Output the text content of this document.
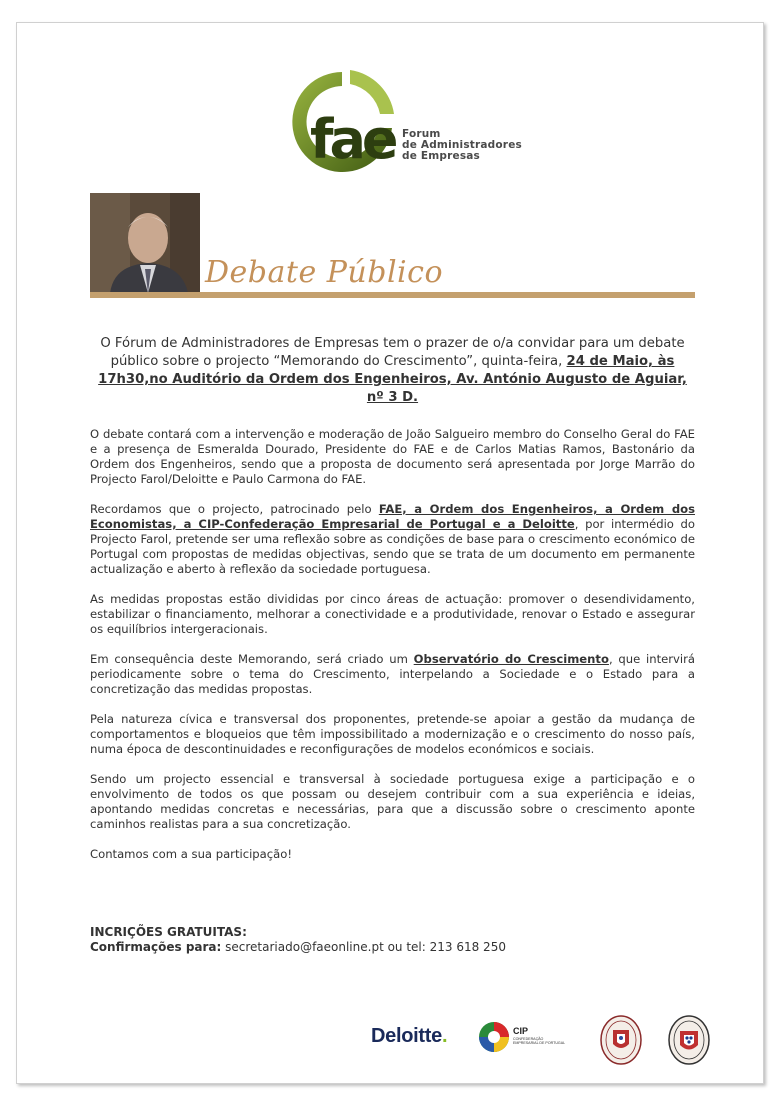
fae Forum
de Administradores
de Empresas
Debate Público
O Fórum de Administradores de Empresas tem o prazer de o/a convidar para um debate público sobre o projecto “Memorando do Crescimento”, quinta-feira, 24 de Maio, às 17h30,no Auditório da Ordem dos Engenheiros, Av. António Augusto de Aguiar, nº 3 D.

O debate contará com a intervenção e moderação de João Salgueiro membro do Conselho Geral do FAE e a presença de Esmeralda Dourado, Presidente do FAE e de Carlos Matias Ramos, Bastonário da Ordem dos Engenheiros, sendo que a proposta de documento será apresentada por Jorge Marrão do Projecto Farol/Deloitte e Paulo Carmona do FAE.

Recordamos que o projecto, patrocinado pelo FAE, a Ordem dos Engenheiros, a Ordem dos Economistas, a CIP-Confederação Empresarial de Portugal e a Deloitte, por intermédio do Projecto Farol, pretende ser uma reflexão sobre as condições de base para o crescimento económico de Portugal com propostas de medidas objectivas, sendo que se trata de um documento em permanente actualização e aberto à reflexão da sociedade portuguesa.

As medidas propostas estão divididas por cinco áreas de actuação: promover o desendividamento, estabilizar o financiamento, melhorar a conectividade e a produtividade, renovar o Estado e assegurar os equilíbrios intergeracionais.

Em consequência deste Memorando, será criado um Observatório do Crescimento, que intervirá periodicamente sobre o tema do Crescimento, interpelando a Sociedade e o Estado para a concretização das medidas propostas.

Pela natureza cívica e transversal dos proponentes, pretende-se apoiar a gestão da mudança de comportamentos e bloqueios que têm impossibilitado a modernização e o crescimento do nosso país, numa época de descontinuidades e reconfigurações de modelos económicos e sociais.

Sendo um projecto essencial e transversal à sociedade portuguesa exige a participação e o envolvimento de todos os que possam ou desejem contribuir com a sua experiência e ideias, apontando medidas concretas e necessárias, para que a discussão sobre o crescimento aponte caminhos realistas para a sua concretização.

Contamos com a sua participação!

INCRIÇÕES GRATUITAS:
Confirmações para: secretariado@faeonline.pt ou tel: 213 618 250
Deloitte.	CIP
CONFEDERAÇÃO EMPRESARIAL DE PORTUGAL
